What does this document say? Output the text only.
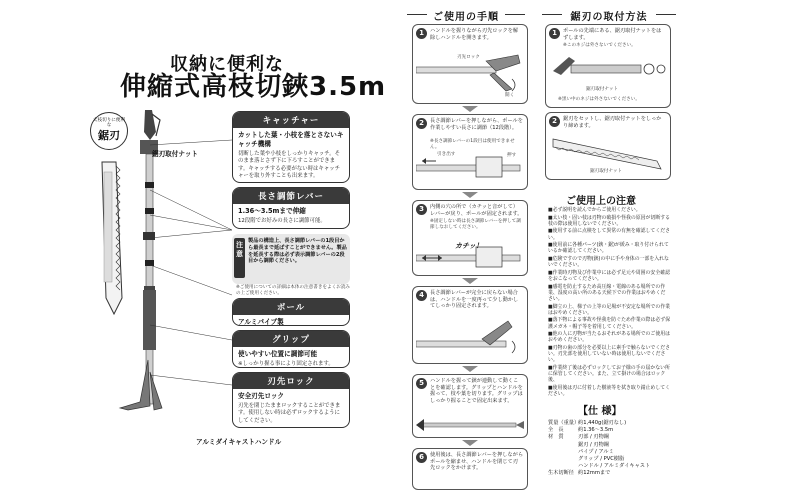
収納に便利な
伸縮式高枝切鋏3.5m
太枝切りに便利な
鋸刃
鋸刃取付ナット
アルミダイキャストハンドル
キャッチャー
カットした葉・小枝を落とさないキャッチ機構
切断した葉や小枝をしっかりキャッチ。そのまま落とさず下に下ろすことができます。キャッチする必要がない時はキャッチャーを取り外すことも出来ます。
長さ調節レバー
1.36～3.5mまで伸縮
12段階でお好みの長さに調節可能。
注意
製品の構造上、長さ調節レバーの1段目から最長まで延ばすことができません。製品を延長する際は必ず表示調節レバーの2段目から調節ください。
※ご使用についての詳細は本体の注意書きをよくお読みの上ご使用ください。
ポール
アルミパイプ製
グリップ
使いやすい位置に調節可能
※しっかり握る事により固定されます。
刃先ロック
安全刃先ロック
刃先を閉じたままロックすることができます。使用しない時は必ずロックするようにしてください。
ご使用の手順
1	ハンドルを握りながら刃先ロックを解除しハンドルを開きます。
刃先ロック
開く
2	長さ調節レバーを押しながら、ポールを作業しやすい長さに調節（12段階）。
※長さ調節レバーの1段目は使用できません。
引き出す	押す
3	内側の穴の所で（カチッと音がして）レバーが戻り、ポールが固定されます。
※固定しない時は長さ調節レバーを押して調節しなおしてください。
カチッ！
4	長さ調節レバーが完全に戻らない場合は、ハンドルを一度再って少し動かしてしっかり固定されます。
5	ハンドルを握って鋏が連動して動くことを確認します。グリップとハンドルを握って、枝や葉を切ります。グリップはしっかり握ることで固定出来ます。
6	使用後は、長さ調節レバーを押しながらポールを縮ませ、ハンドルを閉じて刃先ロックをかけます。
鋸刃の取付方法
1	ポールの先端にある、鋸刃取付ナットをはずします。
※このネジは外さないでください。
鋸刃取付ナット
※黒い中のネジは外さないでください。
2	鋸刃をセットし、鋸刃取付ナットをしっかり締めます。
鋸刃取付ナット
ご使用上の注意
■必ず説明を読んでからご使用ください。
■太い枝・固い枝は刃物の破損や怪我の原因が切断する枝の際は使用しないでください。
■使用する前に点検をして異常の有無を確認してください。
■使用前に各種パーツ(鋏・鋸)が緩み・取り付けられているか確認してください。
■危険ですので刃物(鋏)の中に手や身体の一部を入れないでください。
■作業時刃物及び作業中には必ず足元や周囲の安全確認をおこなってください。
■感電を防止するため高圧線・電線のある場所での作業、湿度の高い所のある天候下での作業はおやめください。
■脚立の上、梯子の上等の足場が不安定な場所での作業はおやめください。
■落下物による事故や怪我を防ぐため作業の際は必ず保護メガネ・帽子等を着用してください。
■他の人に刃物が当たるおそれがある場所でのご使用はおやめください。
■刃物の歯の部分を必要以上に素手で触らないでください。刃先部を使用していない時は使用しないでください。
■作業終了後は必ずロックしてお子様の手の届かない所に保管してください。また、立て掛けの場合はロック後、
■使用後は刃に付着した樹液等を拭き取り錆止めしてください。
【仕 様】
質量（重量）
約1,440g(鋸刃なし)
全　長	約1.36～3.5m
材　質	刃部 / 刃物鋼
鋸刃 / 刃物鋼
パイプ / アルミ
グリップ / PVC樹脂
ハンドル / アルミダイキャスト
生木切断径 約12mmまで
